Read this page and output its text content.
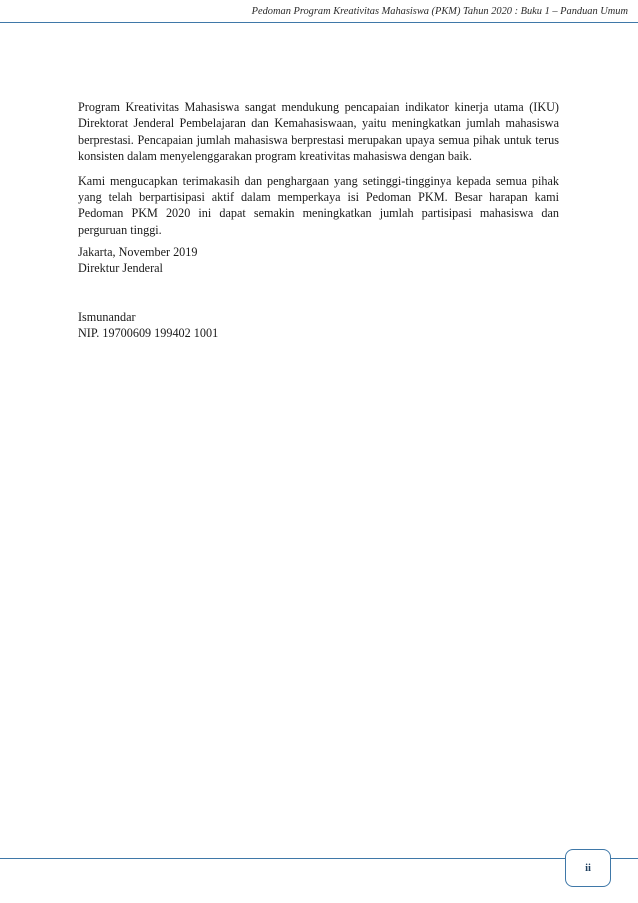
Pedoman Program Kreativitas Mahasiswa (PKM) Tahun 2020 : Buku 1 – Panduan Umum

Program Kreativitas Mahasiswa sangat mendukung pencapaian indikator kinerja utama (IKU) Direktorat Jenderal Pembelajaran dan Kemahasiswaan, yaitu meningkatkan jumlah mahasiswa berprestasi. Pencapaian jumlah mahasiswa berprestasi merupakan upaya semua pihak untuk terus konsisten dalam menyelenggarakan program kreativitas mahasiswa dengan baik.

Kami mengucapkan terimakasih dan penghargaan yang setinggi-tingginya kepada semua pihak yang telah berpartisipasi aktif dalam memperkaya isi Pedoman PKM. Besar harapan kami Pedoman PKM 2020 ini dapat semakin meningkatkan jumlah partisipasi mahasiswa dan perguruan tinggi.

Jakarta, November 2019
Direktur Jenderal
Ismunandar
NIP. 19700609 199402 1001
ii
